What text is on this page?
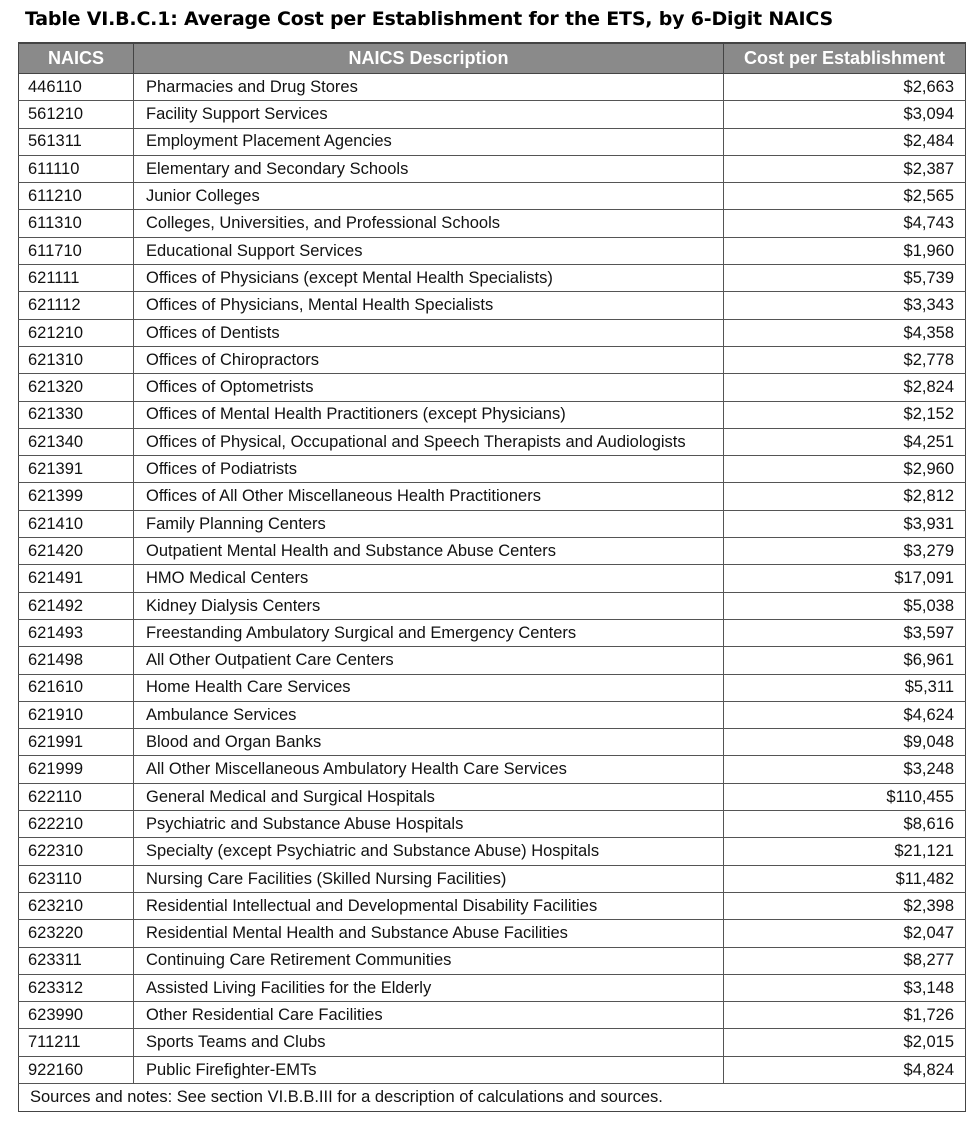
Table VI.B.C.1: Average Cost per Establishment for the ETS, by 6-Digit NAICS
NAICS	NAICS Description	Cost per Establishment
446110	Pharmacies and Drug Stores	$2,663
561210	Facility Support Services	$3,094
561311	Employment Placement Agencies	$2,484
611110	Elementary and Secondary Schools	$2,387
611210	Junior Colleges	$2,565
611310	Colleges, Universities, and Professional Schools	$4,743
611710	Educational Support Services	$1,960
621111	Offices of Physicians (except Mental Health Specialists)	$5,739
621112	Offices of Physicians, Mental Health Specialists	$3,343
621210	Offices of Dentists	$4,358
621310	Offices of Chiropractors	$2,778
621320	Offices of Optometrists	$2,824
621330	Offices of Mental Health Practitioners (except Physicians)	$2,152
621340	Offices of Physical, Occupational and Speech Therapists and Audiologists	$4,251
621391	Offices of Podiatrists	$2,960
621399	Offices of All Other Miscellaneous Health Practitioners	$2,812
621410	Family Planning Centers	$3,931
621420	Outpatient Mental Health and Substance Abuse Centers	$3,279
621491	HMO Medical Centers	$17,091
621492	Kidney Dialysis Centers	$5,038
621493	Freestanding Ambulatory Surgical and Emergency Centers	$3,597
621498	All Other Outpatient Care Centers	$6,961
621610	Home Health Care Services	$5,311
621910	Ambulance Services	$4,624
621991	Blood and Organ Banks	$9,048
621999	All Other Miscellaneous Ambulatory Health Care Services	$3,248
622110	General Medical and Surgical Hospitals	$110,455
622210	Psychiatric and Substance Abuse Hospitals	$8,616
622310	Specialty (except Psychiatric and Substance Abuse) Hospitals	$21,121
623110	Nursing Care Facilities (Skilled Nursing Facilities)	$11,482
623210	Residential Intellectual and Developmental Disability Facilities	$2,398
623220	Residential Mental Health and Substance Abuse Facilities	$2,047
623311	Continuing Care Retirement Communities	$8,277
623312	Assisted Living Facilities for the Elderly	$3,148
623990	Other Residential Care Facilities	$1,726
711211	Sports Teams and Clubs	$2,015
922160	Public Firefighter-EMTs	$4,824
Sources and notes: See section VI.B.B.III for a description of calculations and sources.		
